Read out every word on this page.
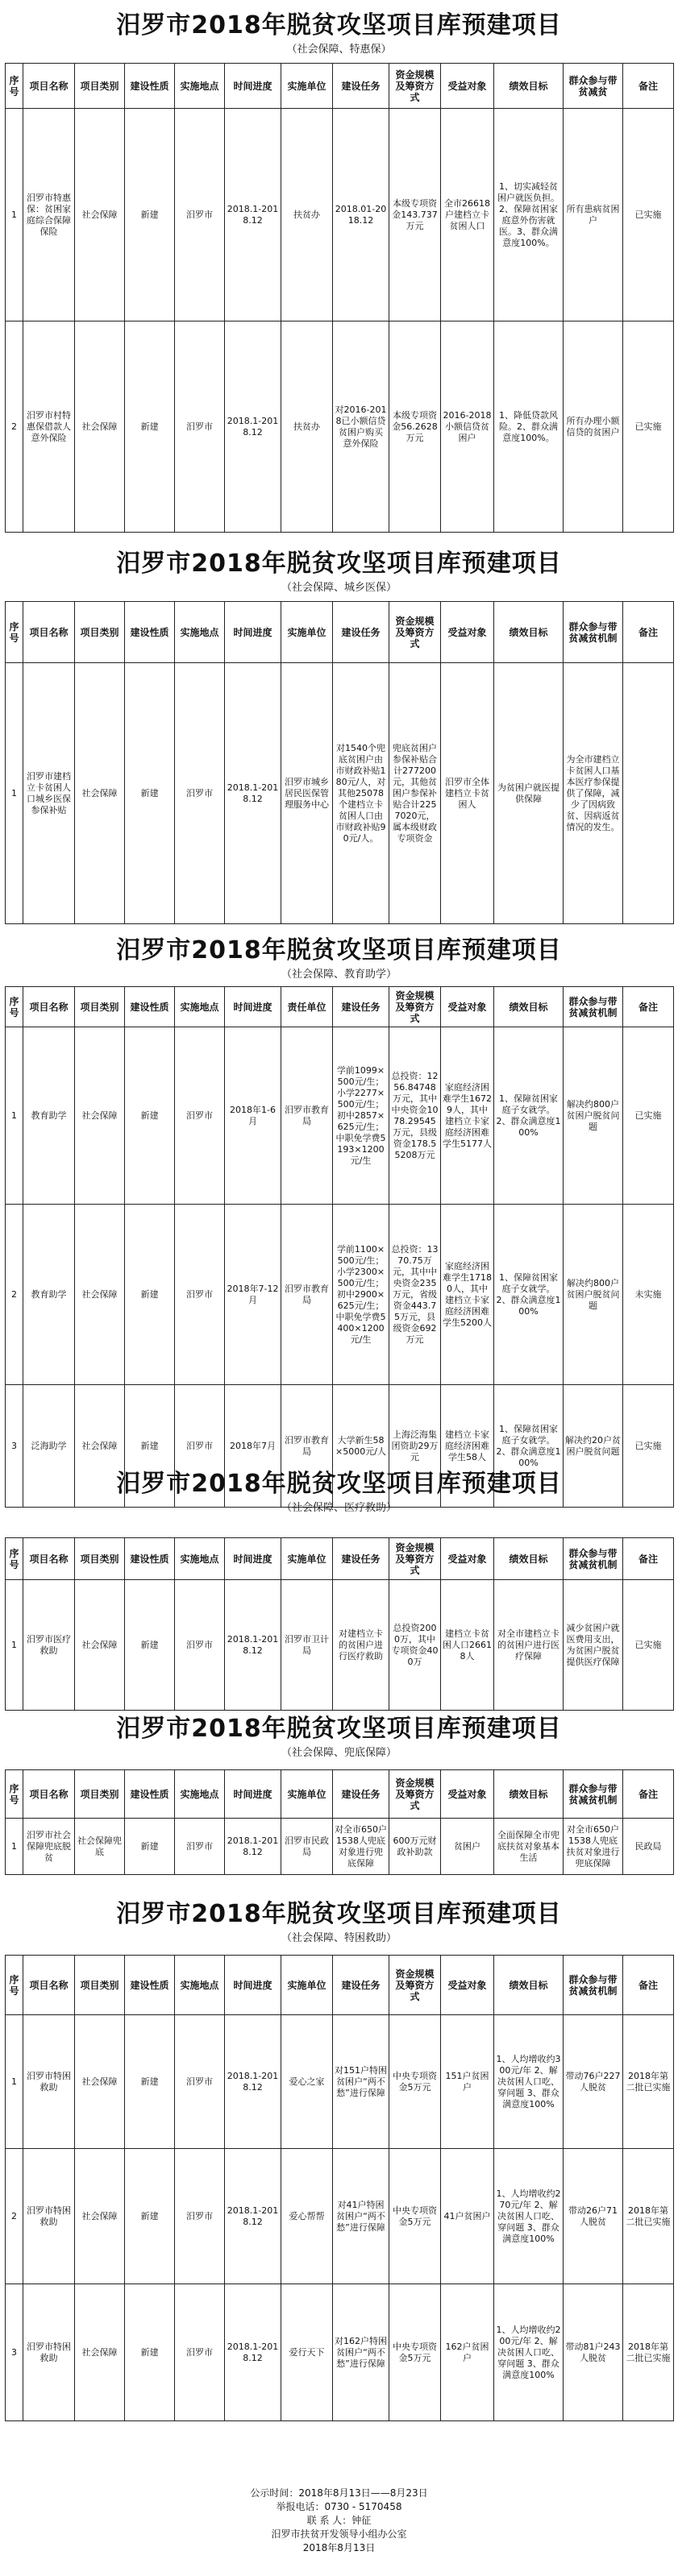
汨罗市2018年脱贫攻坚项目库预建项目
（社会保障、特惠保）
序号	项目名称	项目类别	建设性质	实施地点	时间进度	实施单位	建设任务	资金规模及筹资方式	受益对象	绩效目标	群众参与带贫减贫	备注
1	汨罗市特惠保：贫困家庭综合保障保险	社会保障	新建	汨罗市	2018.1-2018.12	扶贫办	2018.01-2018.12	本级专项资金143.737万元	全市26618户建档立卡贫困人口	1、切实减轻贫困户就医负担。2、保障贫困家庭意外伤害就医。3、群众满意度100%。	所有患病贫困户	已实施
2	汨罗市村特惠保借款人意外保险	社会保障	新建	汨罗市	2018.1-2018.12	扶贫办	对2016-2018已小额信贷贫困户购买意外保险	本级专项资金56.2628万元	2016-2018小额信贷贫困户	1、降低贷款风险。2、群众满意度100%。	所有办理小额信贷的贫困户	已实施
汨罗市2018年脱贫攻坚项目库预建项目
（社会保障、城乡医保）
序号	项目名称	项目类别	建设性质	实施地点	时间进度	实施单位	建设任务	资金规模及筹资方式	受益对象	绩效目标	群众参与带贫减贫机制	备注
1	汨罗市建档立卡贫困人口城乡医保参保补贴	社会保障	新建	汨罗市	2018.1-2018.12	汨罗市城乡居民医保管理服务中心	对1540个兜底贫困户由市财政补贴180元/人，对其他25078个建档立卡贫困人口由市财政补贴90元/人。	兜底贫困户参保补贴合计277200元，其他贫困户参保补贴合计2257020元，属本级财政专项资金	汨罗市全体建档立卡贫困人	为贫困户就医提供保障	为全市建档立卡贫困人口基本医疗参保提供了保障，减少了因病致贫、因病返贫情况的发生。	
汨罗市2018年脱贫攻坚项目库预建项目
（社会保障、教育助学）
序号	项目名称	项目类别	建设性质	实施地点	时间进度	责任单位	建设任务	资金规模及筹资方式	受益对象	绩效目标	群众参与带贫减贫机制	备注
1	教育助学	社会保障	新建	汨罗市	2018年1-6月	汨罗市教育局	学前1099×500元/生；小学2277×500元/生；初中2857×625元/生；中职免学费5193×1200元/生	总投资：1256.84748万元，其中中央资金1078.29545万元，县级资金178.55208万元	家庭经济困难学生16729人，其中建档立卡家庭经济困难学生5177人	1、保障贫困家庭子女就学。2、群众满意度100%	解决约800户贫困户脱贫问题	已实施
2	教育助学	社会保障	新建	汨罗市	2018年7-12月	汨罗市教育局	学前1100×500元/生；小学2300×500元/生；初中2900×625元/生；中职免学费5400×1200元/生	总投资：1370.75万元，其中中央资金235万元，省级资金443.75万元，县级资金692万元	家庭经济困难学生17180人，其中建档立卡家庭经济困难学生5200人	1、保障贫困家庭子女就学。2、群众满意度100%	解决约800户贫困户脱贫问题	未实施
3	泛海助学	社会保障	新建	汨罗市	2018年7月	汨罗市教育局	大学新生58×5000元/人	上海泛海集团资助29万元	建档立卡家庭经济困难学生58人	1、保障贫困家庭子女就学。2、群众满意度100%	解决约20户贫困户脱贫问题	已实施
汨罗市2018年脱贫攻坚项目库预建项目
（社会保障、医疗救助）
序号	项目名称	项目类别	建设性质	实施地点	时间进度	实施单位	建设任务	资金规模及筹资方式	受益对象	绩效目标	群众参与带贫减贫机制	备注
1	汨罗市医疗救助	社会保障	新建	汨罗市	2018.1-2018.12	汨罗市卫计局	对建档立卡的贫困户进行医疗救助	总投资2000万，其中专项资金400万	建档立卡贫困人口26618人	对全市建档立卡的贫困户进行医疗保障	减少贫困户就医费用支出，为贫困户脱贫提供医疗保障	已实施
汨罗市2018年脱贫攻坚项目库预建项目
（社会保障、兜底保障）
序号	项目名称	项目类别	建设性质	实施地点	时间进度	实施单位	建设任务	资金规模及筹资方式	受益对象	绩效目标	群众参与带贫减贫机制	备注
1	汨罗市社会保障兜底脱贫	社会保障兜底	新建	汨罗市	2018.1-2018.12	汨罗市民政局	对全市650户1538人兜底对象进行兜底保障	600万元财政补助款	贫困户	全面保障全市兜底扶贫对象基本生活	对全市650户1538人兜底扶贫对象进行兜底保障	民政局
汨罗市2018年脱贫攻坚项目库预建项目
（社会保障、特困救助）
序号	项目名称	项目类别	建设性质	实施地点	时间进度	实施单位	建设任务	资金规模及筹资方式	受益对象	绩效目标	群众参与带贫减贫机制	备注
1	汨罗市特困救助	社会保障	新建	汨罗市	2018.1-2018.12	爱心之家	对151户特困贫困户“两不愁”进行保障	中央专项资金5万元	151户贫困户	1、人均增收约300元/年 2、解决贫困人口吃、穿问题 3、群众满意度100%	带动76户227人脱贫	2018年第二批已实施
2	汨罗市特困救助	社会保障	新建	汨罗市	2018.1-2018.12	爱心帮帮	对41户特困贫困户“两不愁”进行保障	中央专项资金5万元	41户贫困户	1、人均增收约270元/年 2、解决贫困人口吃、穿问题 3、群众满意度100%	带动26户71人脱贫	2018年第二批已实施
3	汨罗市特困救助	社会保障	新建	汨罗市	2018.1-2018.12	爱行天下	对162户特困贫困户“两不愁”进行保障	中央专项资金5万元	162户贫困户	1、人均增收约200元/年 2、解决贫困人口吃、穿问题 3、群众满意度100%	带动81户243人脱贫	2018年第二批已实施
公示时间：2018年8月13日——8月23日
举报电话：0730 - 5170458
联 系 人：钟征
汨罗市扶贫开发领导小组办公室
2018年8月13日
